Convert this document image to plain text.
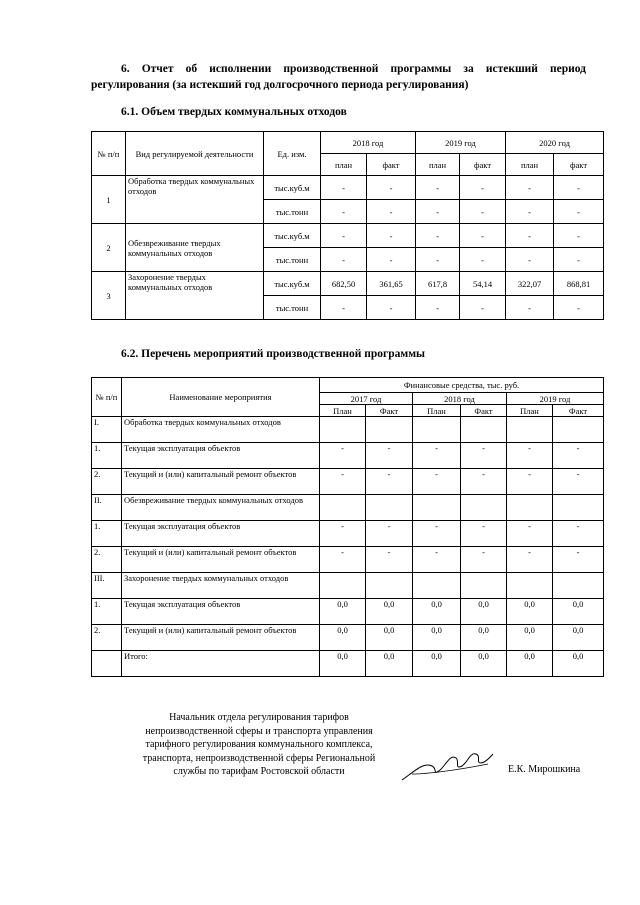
6. Отчет об исполнении производственной программы за истекший период регулирования (за истекший год долгосрочного периода регулирования)
6.1. Объем твердых коммунальных отходов
№ п/п	Вид регулируемой деятельности	Ед. изм.	2018 год		2019 год		2020 год	
			план	факт	план	факт	план	факт
1	Обработка твердых коммунальных отходов	тыс.куб.м	-	-	-	-	-	-
		тыс.тонн	-	-	-	-	-	-
2	Обезвреживание твердых коммунальных отходов	тыс.куб.м	-	-	-	-	-	-
		тыс.тонн	-	-	-	-	-	-
3	Захоронение твердых коммунальных отходов	тыс.куб.м	682,50	361,65	617,8	54,14	322,07	868,81
		тыс.тонн	-	-	-	-	-	-
6.2. Перечень мероприятий производственной программы
№ п/п	Наименование мероприятия	Финансовые средства, тыс. руб.					
		2017 год		2018 год		2019 год	
		План	Факт	План	Факт	План	Факт
I.	Обработка твердых коммунальных отходов						
1.	Текущая эксплуатация объектов	-	-	-	-	-	-
2.	Текущий и (или) капитальный ремонт объектов	-	-	-	-	-	-
II.	Обезвреживание твердых коммунальных отходов						
1.	Текущая эксплуатация объектов	-	-	-	-	-	-
2.	Текущий и (или) капитальный ремонт объектов	-	-	-	-	-	-
III.	Захоронение твердых коммунальных отходов						
1.	Текущая эксплуатация объектов	0,0	0,0	0,0	0,0	0,0	0,0
2.	Текущий и (или) капитальный ремонт объектов	0,0	0,0	0,0	0,0	0,0	0,0
	Итого:	0,0	0,0	0,0	0,0	0,0	0,0
Начальник отдела регулирования тарифов
непроизводственной сферы и транспорта управления
тарифного регулирования коммунального комплекса,
транспорта, непроизводственной сферы Региональной
службы по тарифам Ростовской области	Е.К. Мирошкина
